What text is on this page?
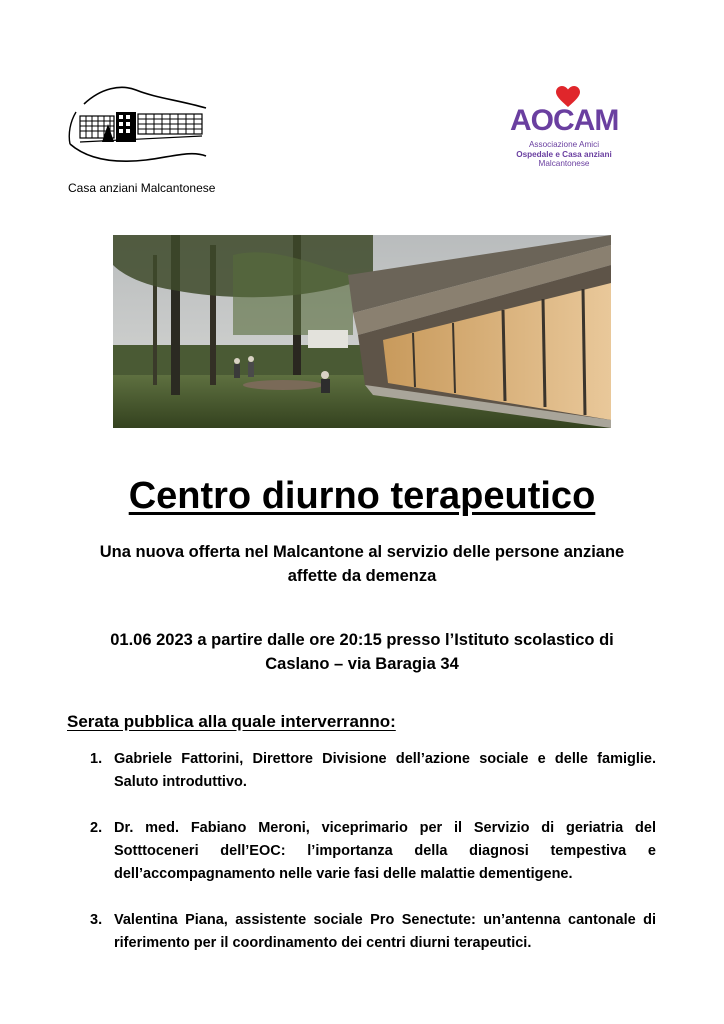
Casa anziani Malcantonese
AOCAM
Associazione Amici
Ospedale e Casa anziani
Malcantonese
Centro diurno terapeutico
Una nuova offerta nel Malcantone al servizio delle persone anziane affette da demenza
01.06 2023 a partire dalle ore 20:15 presso l’Istituto scolastico di Caslano – via Baragia 34
Serata pubblica alla quale interverranno:
1. Gabriele Fattorini, Direttore Divisione dell’azione sociale e delle famiglie. Saluto introduttivo.
2. Dr. med. Fabiano Meroni, viceprimario per il Servizio di geriatria del Sotttoceneri dell’EOC: l’importanza della diagnosi tempestiva e dell’accompagnamento nelle varie fasi delle malattie dementigene.
3. Valentina Piana, assistente sociale Pro Senectute: un’antenna cantonale di riferimento per il coordinamento dei centri diurni terapeutici.
